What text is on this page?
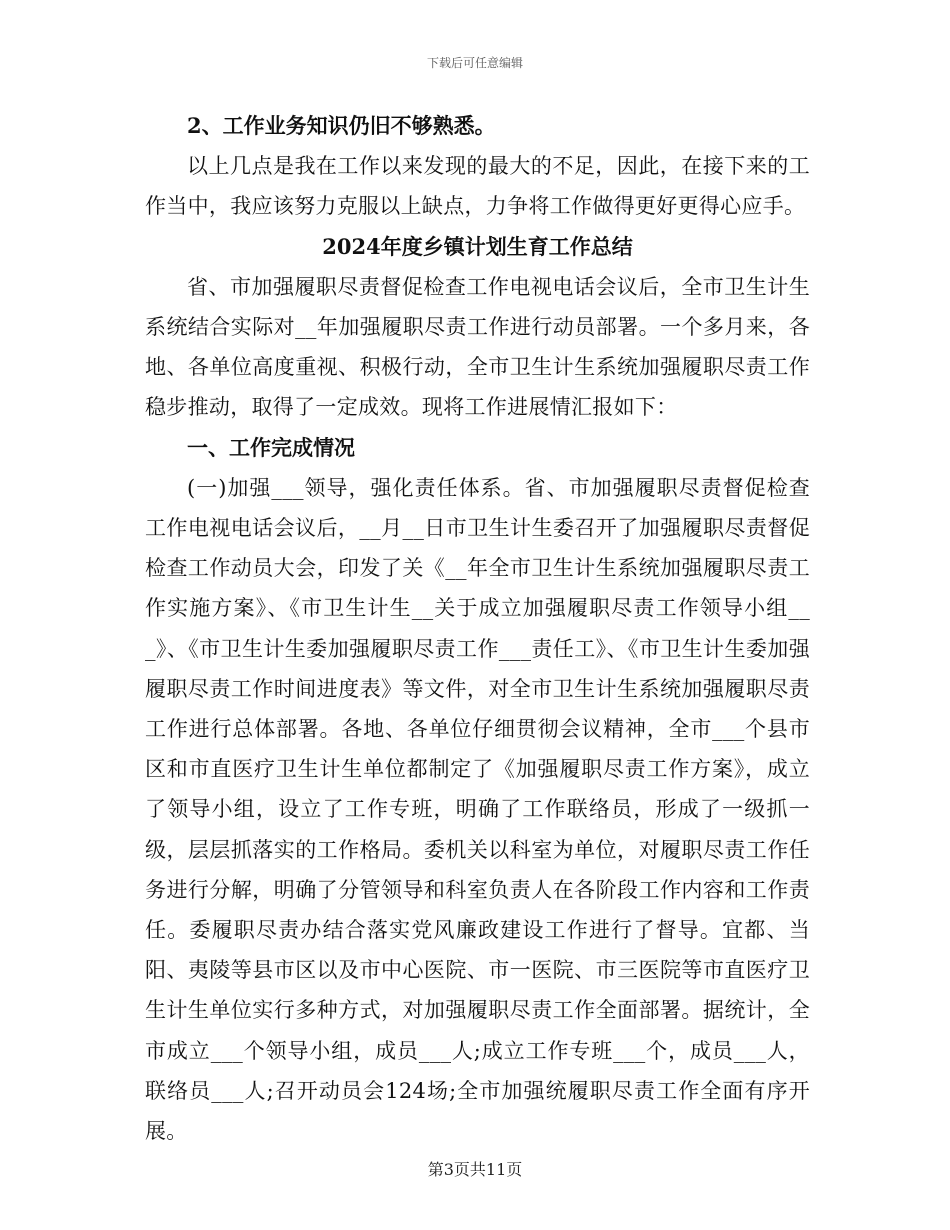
下载后可任意编辑

2、工作业务知识仍旧不够熟悉。

以上几点是我在工作以来发现的最大的不足，因此，在接下来的工作当中，我应该努力克服以上缺点，力争将工作做得更好更得心应手。

2024年度乡镇计划生育工作总结

省、市加强履职尽责督促检查工作电视电话会议后，全市卫生计生系统结合实际对__年加强履职尽责工作进行动员部署。一个多月来，各地、各单位高度重视、积极行动，全市卫生计生系统加强履职尽责工作稳步推动，取得了一定成效。现将工作进展情汇报如下：

一、工作完成情况

(一)加强___领导，强化责任体系。省、市加强履职尽责督促检查工作电视电话会议后，__月__日市卫生计生委召开了加强履职尽责督促检查工作动员大会，印发了关《__年全市卫生计生系统加强履职尽责工作实施方案》、《市卫生计生__关于成立加强履职尽责工作领导小组___》、《市卫生计生委加强履职尽责工作___责任工》、《市卫生计生委加强履职尽责工作时间进度表》等文件，对全市卫生计生系统加强履职尽责工作进行总体部署。各地、各单位仔细贯彻会议精神，全市___个县市区和市直医疗卫生计生单位都制定了《加强履职尽责工作方案》，成立了领导小组，设立了工作专班，明确了工作联络员，形成了一级抓一级，层层抓落实的工作格局。委机关以科室为单位，对履职尽责工作任务进行分解，明确了分管领导和科室负责人在各阶段工作内容和工作责任。委履职尽责办结合落实党风廉政建设工作进行了督导。宜都、当阳、夷陵等县市区以及市中心医院、市一医院、市三医院等市直医疗卫生计生单位实行多种方式，对加强履职尽责工作全面部署。据统计，全市成立___个领导小组，成员___人;成立工作专班___个，成员___人，联络员___人;召开动员会124场;全市加强统履职尽责工作全面有序开展。

第3页共11页
